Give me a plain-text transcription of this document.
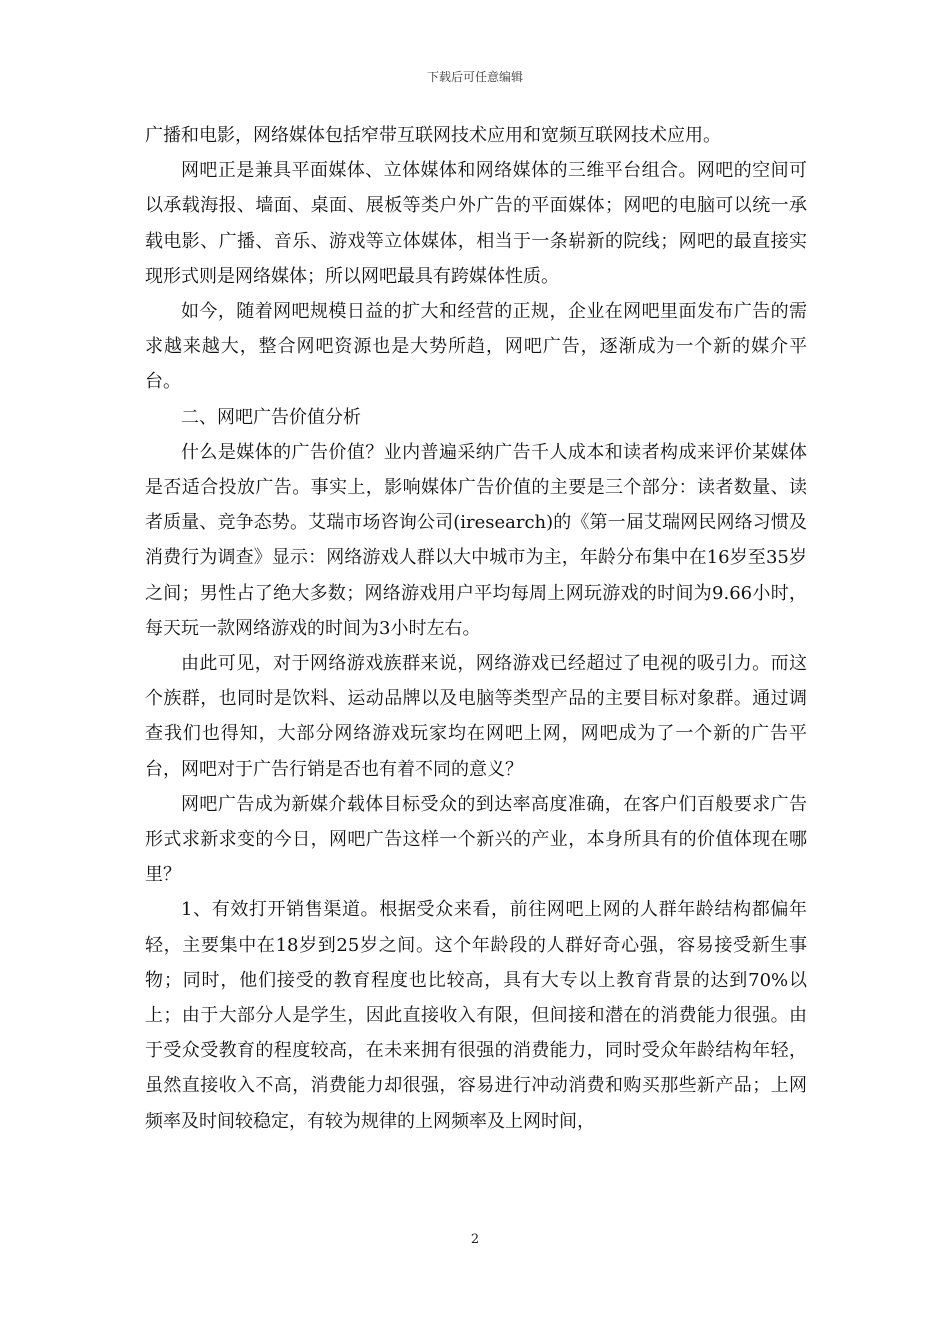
下载后可任意编辑

广播和电影，网络媒体包括窄带互联网技术应用和宽频互联网技术应用。

网吧正是兼具平面媒体、立体媒体和网络媒体的三维平台组合。网吧的空间可以承载海报、墙面、桌面、展板等类户外广告的平面媒体；网吧的电脑可以统一承载电影、广播、音乐、游戏等立体媒体，相当于一条崭新的院线；网吧的最直接实现形式则是网络媒体；所以网吧最具有跨媒体性质。

如今，随着网吧规模日益的扩大和经营的正规，企业在网吧里面发布广告的需求越来越大，整合网吧资源也是大势所趋，网吧广告，逐渐成为一个新的媒介平台。

二、网吧广告价值分析

什么是媒体的广告价值？业内普遍采纳广告千人成本和读者构成来评价某媒体是否适合投放广告。事实上，影响媒体广告价值的主要是三个部分：读者数量、读者质量、竞争态势。艾瑞市场咨询公司(iresearch)的《第一届艾瑞网民网络习惯及消费行为调查》显示：网络游戏人群以大中城市为主，年龄分布集中在16岁至35岁之间；男性占了绝大多数；网络游戏用户平均每周上网玩游戏的时间为9.66小时，每天玩一款网络游戏的时间为3小时左右。

由此可见，对于网络游戏族群来说，网络游戏已经超过了电视的吸引力。而这个族群，也同时是饮料、运动品牌以及电脑等类型产品的主要目标对象群。通过调查我们也得知，大部分网络游戏玩家均在网吧上网，网吧成为了一个新的广告平台，网吧对于广告行销是否也有着不同的意义？

网吧广告成为新媒介载体目标受众的到达率高度准确，在客户们百般要求广告形式求新求变的今日，网吧广告这样一个新兴的产业，本身所具有的价值体现在哪里？

1、有效打开销售渠道。根据受众来看，前往网吧上网的人群年龄结构都偏年轻，主要集中在18岁到25岁之间。这个年龄段的人群好奇心强，容易接受新生事物；同时，他们接受的教育程度也比较高，具有大专以上教育背景的达到70%以上；由于大部分人是学生，因此直接收入有限，但间接和潜在的消费能力很强。由于受众受教育的程度较高，在未来拥有很强的消费能力，同时受众年龄结构年轻，虽然直接收入不高，消费能力却很强，容易进行冲动消费和购买那些新产品；上网频率及时间较稳定，有较为规律的上网频率及上网时间，

2
